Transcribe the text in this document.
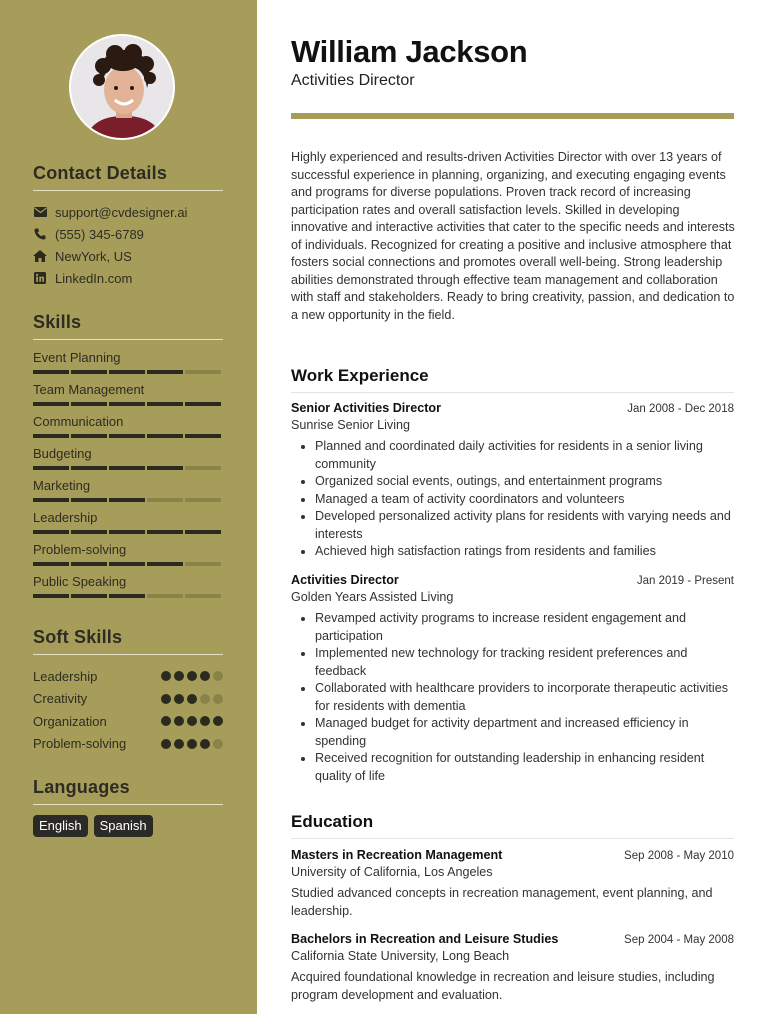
Contact Details
support@cvdesigner.ai
(555) 345-6789
NewYork, US
LinkedIn.com
Skills
Event Planning
Team Management
Communication
Budgeting
Marketing
Leadership
Problem-solving
Public Speaking
Soft Skills
Leadership
Creativity
Organization
Problem-solving
Languages
English	Spanish
William Jackson
Activities Director
Highly experienced and results-driven Activities Director with over 13 years of successful experience in planning, organizing, and executing engaging events and programs for diverse populations. Proven track record of increasing participation rates and overall satisfaction levels. Skilled in developing innovative and interactive activities that cater to the specific needs and interests of individuals. Recognized for creating a positive and inclusive atmosphere that fosters social connections and promotes overall well-being. Strong leadership abilities demonstrated through effective team management and collaboration with staff and stakeholders. Ready to bring creativity, passion, and dedication to a new opportunity in the field.
Work Experience
Senior Activities Director	Jan 2008 - Dec 2018
Sunrise Senior Living
• Planned and coordinated daily activities for residents in a senior living community
• Organized social events, outings, and entertainment programs
• Managed a team of activity coordinators and volunteers
• Developed personalized activity plans for residents with varying needs and interests
• Achieved high satisfaction ratings from residents and families
Activities Director	Jan 2019 - Present
Golden Years Assisted Living
• Revamped activity programs to increase resident engagement and participation
• Implemented new technology for tracking resident preferences and feedback
• Collaborated with healthcare providers to incorporate therapeutic activities for residents with dementia
• Managed budget for activity department and increased efficiency in spending
• Received recognition for outstanding leadership in enhancing resident quality of life
Education
Masters in Recreation Management	Sep 2008 - May 2010
University of California, Los Angeles
Studied advanced concepts in recreation management, event planning, and leadership.
Bachelors in Recreation and Leisure Studies	Sep 2004 - May 2008
California State University, Long Beach
Acquired foundational knowledge in recreation and leisure studies, including program development and evaluation.
